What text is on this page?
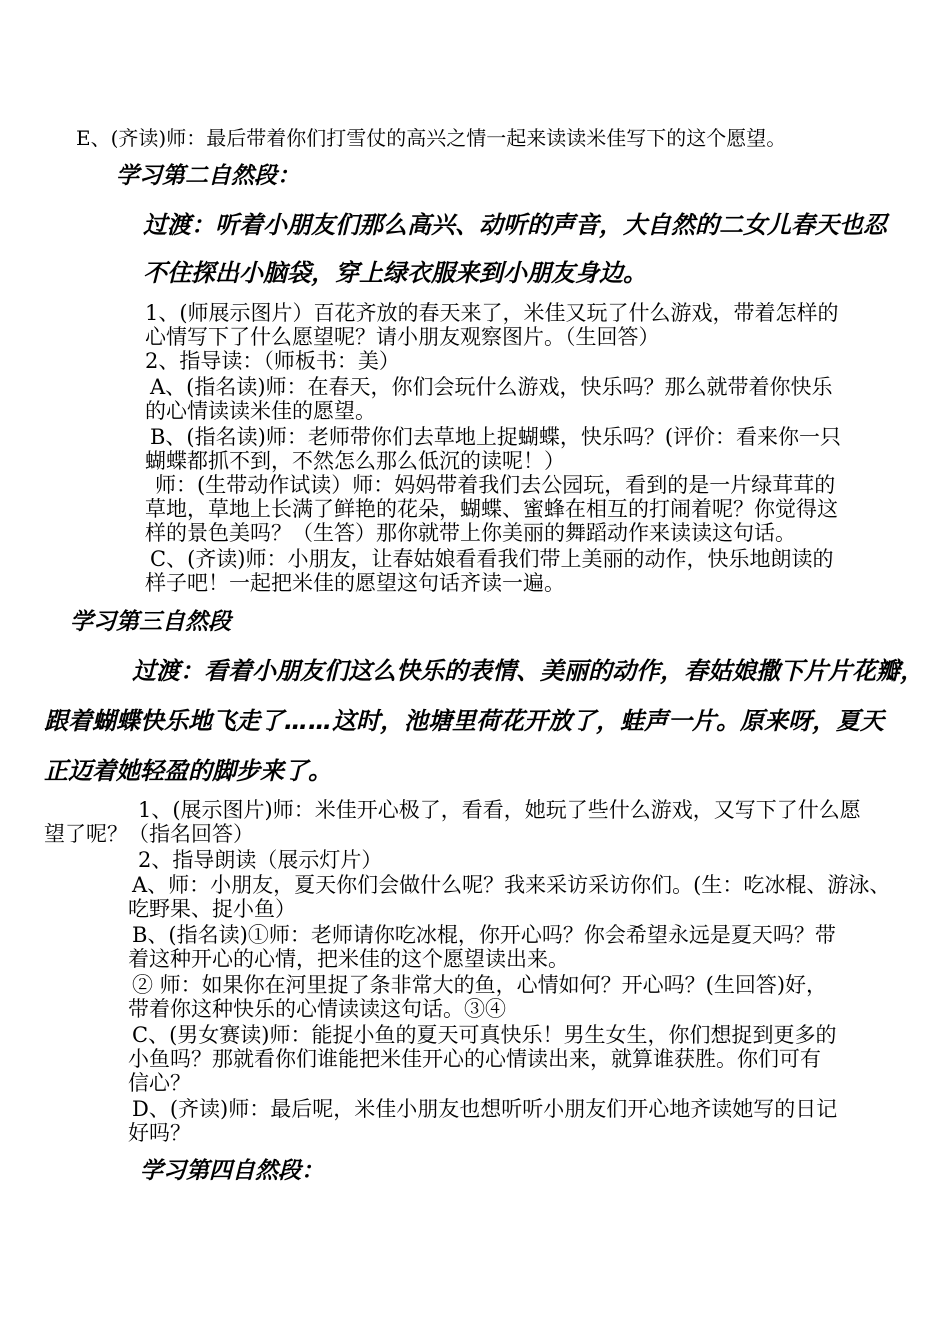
E、(齐读)师：最后带着你们打雪仗的高兴之情一起来读读米佳写下的这个愿望。

学习第二自然段：

过渡：听着小朋友们那么高兴、动听的声音，大自然的二女儿春天也忍

不住探出小脑袋，穿上绿衣服来到小朋友身边。

1、(师展示图片）百花齐放的春天来了，米佳又玩了什么游戏，带着怎样的

心情写下了什么愿望呢？请小朋友观察图片。（生回答）

2、指导读：（师板书：美）

A、(指名读)师：在春天，你们会玩什么游戏，快乐吗？那么就带着你快乐

的心情读读米佳的愿望。

B、(指名读)师：老师带你们去草地上捉蝴蝶，快乐吗？(评价：看来你一只

蝴蝶都抓不到，不然怎么那么低沉的读呢！）

师：(生带动作试读）师：妈妈带着我们去公园玩，看到的是一片绿茸茸的

草地，草地上长满了鲜艳的花朵，蝴蝶、蜜蜂在相互的打闹着呢？你觉得这

样的景色美吗？（生答）那你就带上你美丽的舞蹈动作来读读这句话。

C、(齐读)师：小朋友，让春姑娘看看我们带上美丽的动作，快乐地朗读的

样子吧！一起把米佳的愿望这句话齐读一遍。

学习第三自然段

过渡：看着小朋友们这么快乐的表情、美丽的动作，春姑娘撒下片片花瓣，

跟着蝴蝶快乐地飞走了……这时，池塘里荷花开放了，蛙声一片。原来呀，夏天

正迈着她轻盈的脚步来了。

1、(展示图片)师：米佳开心极了，看看，她玩了些什么游戏，又写下了什么愿

望了呢？（指名回答）

2、指导朗读（展示灯片）

A、师：小朋友，夏天你们会做什么呢？我来采访采访你们。(生：吃冰棍、游泳、

吃野果、捉小鱼）

B、(指名读)①师：老师请你吃冰棍，你开心吗？你会希望永远是夏天吗？带

着这种开心的心情，把米佳的这个愿望读出来。

② 师：如果你在河里捉了条非常大的鱼，心情如何？开心吗？(生回答)好，

带着你这种快乐的心情读读这句话。③④

C、(男女赛读)师：能捉小鱼的夏天可真快乐！男生女生，你们想捉到更多的

小鱼吗？那就看你们谁能把米佳开心的心情读出来，就算谁获胜。你们可有

信心？

D、(齐读)师：最后呢，米佳小朋友也想听听小朋友们开心地齐读她写的日记

好吗？

学习第四自然段：
